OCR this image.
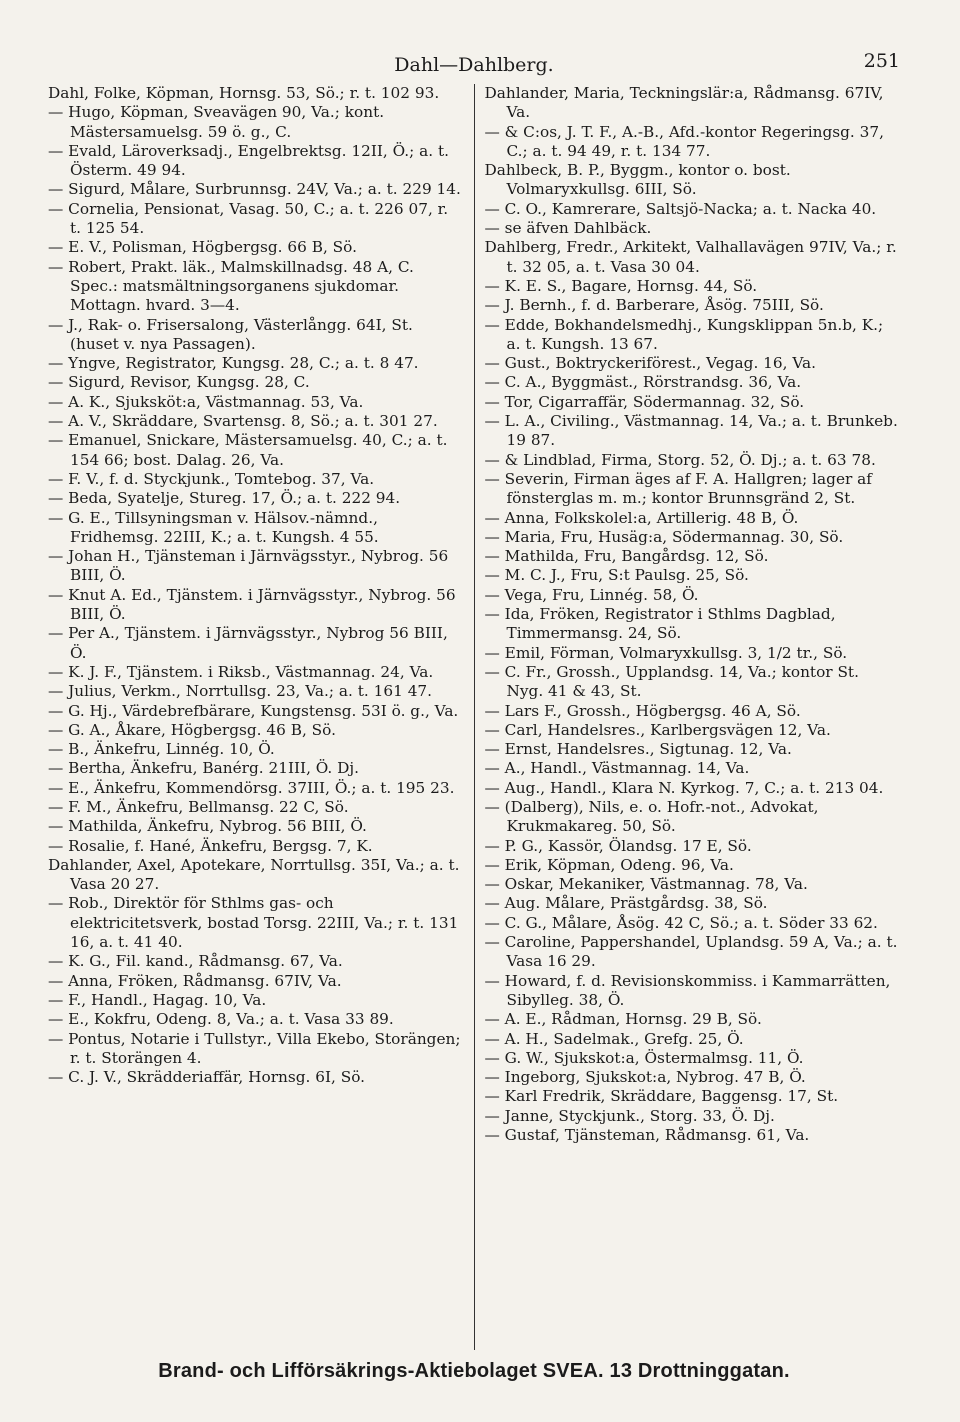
Dahl—Dahlberg.	251

Dahl, Folke, Köpman, Hornsg. 53, Sö.; r. t. 102 93.

— Hugo, Köpman, Sveavägen 90, Va.; kont. Mästersamuelsg. 59 ö. g., C.

— Evald, Läroverksadj., Engelbrektsg. 12II, Ö.; a. t. Österm. 49 94.

— Sigurd, Målare, Surbrunnsg. 24V, Va.; a. t. 229 14.

— Cornelia, Pensionat, Vasag. 50, C.; a. t. 226 07, r. t. 125 54.

— E. V., Polisman, Högbergsg. 66 B, Sö.

— Robert, Prakt. läk., Malmskillnadsg. 48 A, C. Spec.: matsmältningsorganens sjukdomar. Mottagn. hvard. 3—4.

— J., Rak- o. Frisersalong, Västerlångg. 64I, St. (huset v. nya Passagen).

— Yngve, Registrator, Kungsg. 28, C.; a. t. 8 47.

— Sigurd, Revisor, Kungsg. 28, C.

— A. K., Sjuksköt:a, Västmannag. 53, Va.

— A. V., Skräddare, Svartensg. 8, Sö.; a. t. 301 27.

— Emanuel, Snickare, Mästersamuelsg. 40, C.; a. t. 154 66; bost. Dalag. 26, Va.

— F. V., f. d. Styckjunk., Tomtebog. 37, Va.

— Beda, Syatelje, Stureg. 17, Ö.; a. t. 222 94.

— G. E., Tillsyningsman v. Hälsov.-nämnd., Fridhemsg. 22III, K.; a. t. Kungsh. 4 55.

— Johan H., Tjänsteman i Järnvägsstyr., Nybrog. 56 BIII, Ö.

— Knut A. Ed., Tjänstem. i Järnvägsstyr., Nybrog. 56 BIII, Ö.

— Per A., Tjänstem. i Järnvägsstyr., Nybrog 56 BIII, Ö.

— K. J. F., Tjänstem. i Riksb., Västmannag. 24, Va.

— Julius, Verkm., Norrtullsg. 23, Va.; a. t. 161 47.

— G. Hj., Värdebrefbärare, Kungstensg. 53I ö. g., Va.

— G. A., Åkare, Högbergsg. 46 B, Sö.

— B., Änkefru, Linnég. 10, Ö.

— Bertha, Änkefru, Banérg. 21III, Ö. Dj.

— E., Änkefru, Kommendörsg. 37III, Ö.; a. t. 195 23.

— F. M., Änkefru, Bellmansg. 22 C, Sö.

— Mathilda, Änkefru, Nybrog. 56 BIII, Ö.

— Rosalie, f. Hané, Änkefru, Bergsg. 7, K.

Dahlander, Axel, Apotekare, Norrtullsg. 35I, Va.; a. t. Vasa 20 27.

— Rob., Direktör för Sthlms gas- och elektricitetsverk, bostad Torsg. 22III, Va.; r. t. 131 16, a. t. 41 40.

— K. G., Fil. kand., Rådmansg. 67, Va.

— Anna, Fröken, Rådmansg. 67IV, Va.

— F., Handl., Hagag. 10, Va.

— E., Kokfru, Odeng. 8, Va.; a. t. Vasa 33 89.

— Pontus, Notarie i Tullstyr., Villa Ekebo, Storängen; r. t. Storängen 4.

— C. J. V., Skrädderiaffär, Hornsg. 6I, Sö.

Dahlander, Maria, Teckningslär:a, Rådmansg. 67IV, Va.

— & C:os, J. T. F., A.-B., Afd.-kontor Regeringsg. 37, C.; a. t. 94 49, r. t. 134 77.

Dahlbeck, B. P., Byggm., kontor o. bost. Volmaryxkullsg. 6III, Sö.

— C. O., Kamrerare, Saltsjö-Nacka; a. t. Nacka 40.

— se äfven Dahlbäck.

Dahlberg, Fredr., Arkitekt, Valhallavägen 97IV, Va.; r. t. 32 05, a. t. Vasa 30 04.

— K. E. S., Bagare, Hornsg. 44, Sö.

— J. Bernh., f. d. Barberare, Åsög. 75III, Sö.

— Edde, Bokhandelsmedhj., Kungsklippan 5n.b, K.; a. t. Kungsh. 13 67.

— Gust., Boktryckeriförest., Vegag. 16, Va.

— C. A., Byggmäst., Rörstrandsg. 36, Va.

— Tor, Cigarraffär, Södermannag. 32, Sö.

— L. A., Civiling., Västmannag. 14, Va.; a. t. Brunkeb. 19 87.

— & Lindblad, Firma, Storg. 52, Ö. Dj.; a. t. 63 78.

— Severin, Firman äges af F. A. Hallgren; lager af fönsterglas m. m.; kontor Brunnsgränd 2, St.

— Anna, Folkskolel:a, Artillerig. 48 B, Ö.

— Maria, Fru, Husäg:a, Södermannag. 30, Sö.

— Mathilda, Fru, Bangårdsg. 12, Sö.

— M. C. J., Fru, S:t Paulsg. 25, Sö.

— Vega, Fru, Linnég. 58, Ö.

— Ida, Fröken, Registrator i Sthlms Dagblad, Timmermansg. 24, Sö.

— Emil, Förman, Volmaryxkullsg. 3, 1/2 tr., Sö.

— C. Fr., Grossh., Upplandsg. 14, Va.; kontor St. Nyg. 41 & 43, St.

— Lars F., Grossh., Högbergsg. 46 A, Sö.

— Carl, Handelsres., Karlbergsvägen 12, Va.

— Ernst, Handelsres., Sigtunag. 12, Va.

— A., Handl., Västmannag. 14, Va.

— Aug., Handl., Klara N. Kyrkog. 7, C.; a. t. 213 04.

— (Dalberg), Nils, e. o. Hofr.-not., Advokat, Krukmakareg. 50, Sö.

— P. G., Kassör, Ölandsg. 17 E, Sö.

— Erik, Köpman, Odeng. 96, Va.

— Oskar, Mekaniker, Västmannag. 78, Va.

— Aug. Målare, Prästgårdsg. 38, Sö.

— C. G., Målare, Åsög. 42 C, Sö.; a. t. Söder 33 62.

— Caroline, Pappershandel, Uplandsg. 59 A, Va.; a. t. Vasa 16 29.

— Howard, f. d. Revisionskommiss. i Kammarrätten, Sibylleg. 38, Ö.

— A. E., Rådman, Hornsg. 29 B, Sö.

— A. H., Sadelmak., Grefg. 25, Ö.

— G. W., Sjukskot:a, Östermalmsg. 11, Ö.

— Ingeborg, Sjukskot:a, Nybrog. 47 B, Ö.

— Karl Fredrik, Skräddare, Baggensg. 17, St.

— Janne, Styckjunk., Storg. 33, Ö. Dj.

— Gustaf, Tjänsteman, Rådmansg. 61, Va.

Brand- och Lifförsäkrings-Aktiebolaget SVEA. 13 Drottninggatan.
